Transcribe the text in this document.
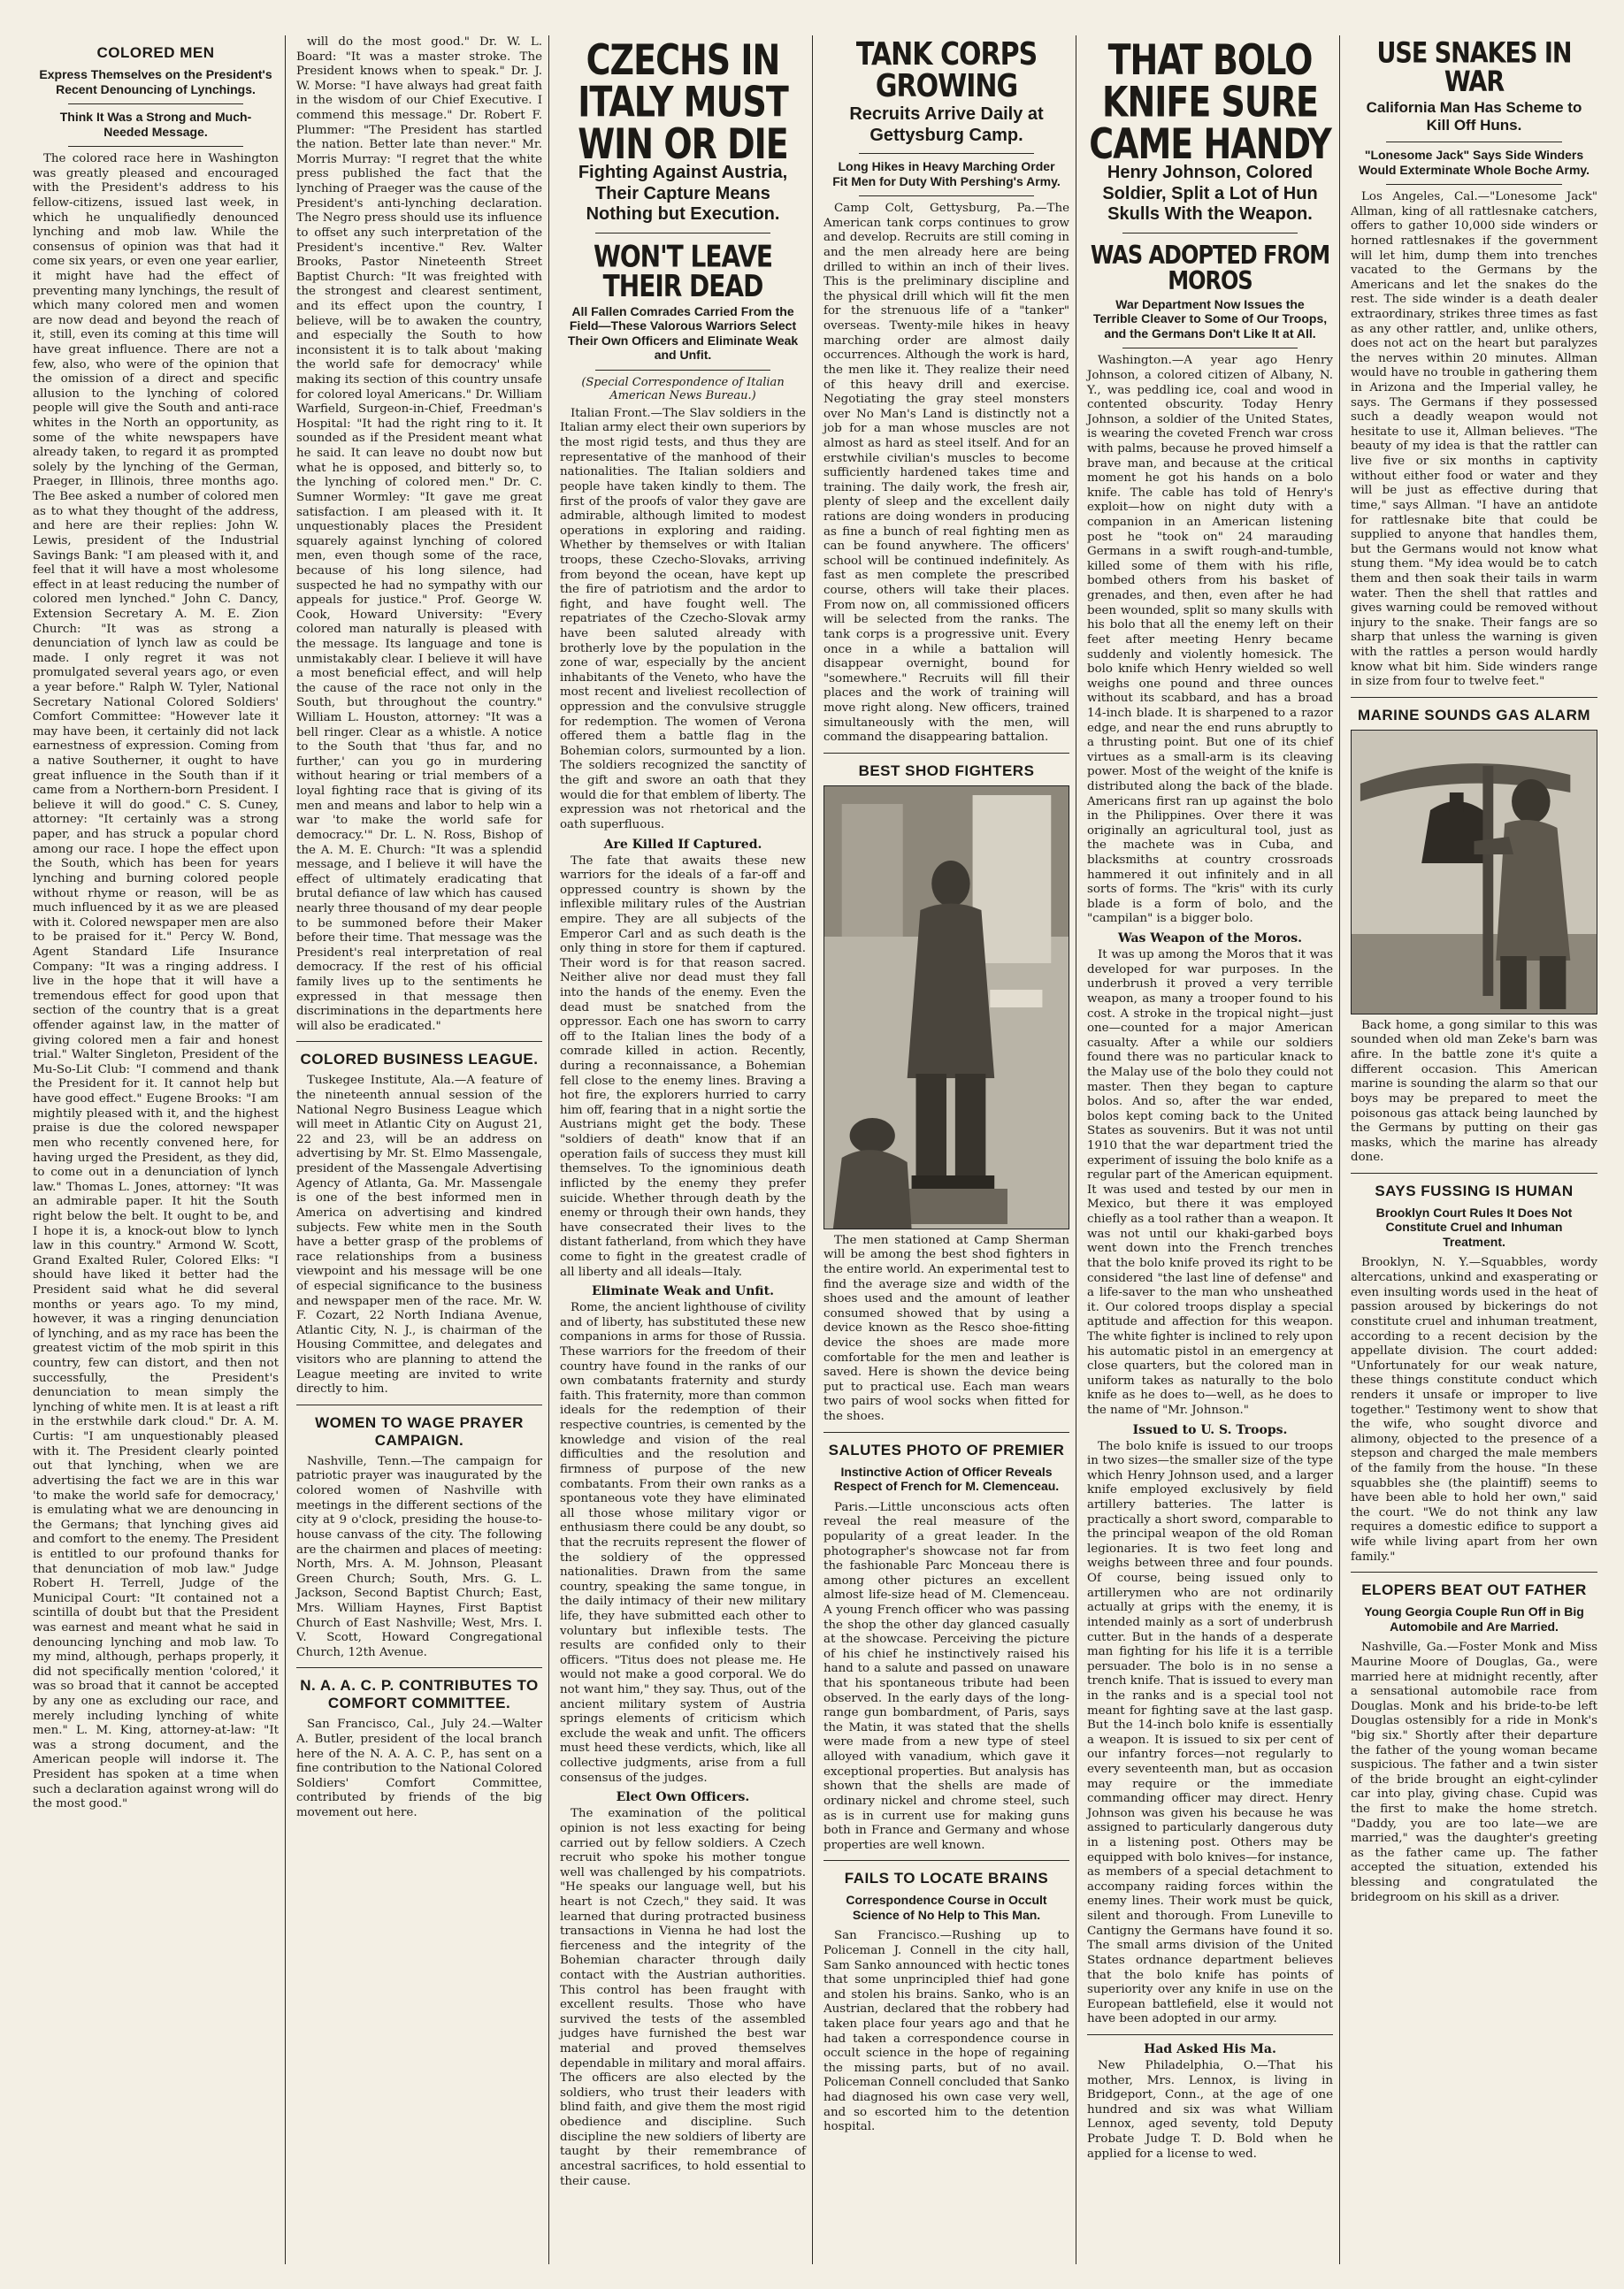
COLORED MEN
Express Themselves on the President's Recent Denouncing of Lynchings.
Think It Was a Strong and Much-Needed Message.

The colored race here in Washington was greatly pleased and encouraged with the President's address to his fellow-citizens, issued last week, in which he unqualifiedly denounced lynching and mob law. While the consensus of opinion was that had it come six years, or even one year earlier, it might have had the effect of preventing many lynchings, the result of which many colored men and women are now dead and beyond the reach of it, still, even its coming at this time will have great influence. There are not a few, also, who were of the opinion that the omission of a direct and specific allusion to the lynching of colored people will give the South and anti-race whites in the North an opportunity, as some of the white newspapers have already taken, to regard it as prompted solely by the lynching of the German, Praeger, in Illinois, three months ago. The Bee asked a number of colored men as to what they thought of the address, and here are their replies: John W. Lewis, president of the Industrial Savings Bank: "I am pleased with it, and feel that it will have a most wholesome effect in at least reducing the number of colored men lynched." John C. Dancy, Extension Secretary A. M. E. Zion Church: "It was as strong a denunciation of lynch law as could be made. I only regret it was not promulgated several years ago, or even a year before." Ralph W. Tyler, National Secretary National Colored Soldiers' Comfort Committee: "However late it may have been, it certainly did not lack earnestness of expression. Coming from a native Southerner, it ought to have great influence in the South than if it came from a Northern-born President. I believe it will do good." C. S. Cuney, attorney: "It certainly was a strong paper, and has struck a popular chord among our race. I hope the effect upon the South, which has been for years lynching and burning colored people without rhyme or reason, will be as much influenced by it as we are pleased with it. Colored newspaper men are also to be praised for it." Percy W. Bond, Agent Standard Life Insurance Company: "It was a ringing address. I live in the hope that it will have a tremendous effect for good upon that section of the country that is a great offender against law, in the matter of giving colored men a fair and honest trial." Walter Singleton, President of the Mu-So-Lit Club: "I commend and thank the President for it. It cannot help but have good effect." Eugene Brooks: "I am mightily pleased with it, and the highest praise is due the colored newspaper men who recently convened here, for having urged the President, as they did, to come out in a denunciation of lynch law." Thomas L. Jones, attorney: "It was an admirable paper. It hit the South right below the belt. It ought to be, and I hope it is, a knock-out blow to lynch law in this country." Armond W. Scott, Grand Exalted Ruler, Colored Elks: "I should have liked it better had the President said what he did several months or years ago. To my mind, however, it was a ringing denunciation of lynching, and as my race has been the greatest victim of the mob spirit in this country, few can distort, and then not successfully, the President's denunciation to mean simply the lynching of white men. It is at least a rift in the erstwhile dark cloud." Dr. A. M. Curtis: "I am unquestionably pleased with it. The President clearly pointed out that lynching, when we are advertising the fact we are in this war 'to make the world safe for democracy,' is emulating what we are denouncing in the Germans; that lynching gives aid and comfort to the enemy. The President is entitled to our profound thanks for that denunciation of mob law." Judge Robert H. Terrell, Judge of the Municipal Court: "It contained not a scintilla of doubt but that the President was earnest and meant what he said in denouncing lynching and mob law. To my mind, although, perhaps properly, it did not specifically mention 'colored,' it was so broad that it cannot be accepted by any one as excluding our race, and merely including lynching of white men." L. M. King, attorney-at-law: "It was a strong document, and the American people will indorse it. The President has spoken at a time when such a declaration against wrong will do the most good."

will do the most good." Dr. W. L. Board: "It was a master stroke. The President knows when to speak." Dr. J. W. Morse: "I have always had great faith in the wisdom of our Chief Executive. I commend this message." Dr. Robert F. Plummer: "The President has startled the nation. Better late than never." Mr. Morris Murray: "I regret that the white press published the fact that the lynching of Praeger was the cause of the President's anti-lynching declaration. The Negro press should use its influence to offset any such interpretation of the President's incentive." Rev. Walter Brooks, Pastor Nineteenth Street Baptist Church: "It was freighted with the strongest and clearest sentiment, and its effect upon the country, I believe, will be to awaken the country, and especially the South to how inconsistent it is to talk about 'making the world safe for democracy' while making its section of this country unsafe for colored loyal Americans." Dr. William Warfield, Surgeon-in-Chief, Freedman's Hospital: "It had the right ring to it. It sounded as if the President meant what he said. It can leave no doubt now but what he is opposed, and bitterly so, to the lynching of colored men." Dr. C. Sumner Wormley: "It gave me great satisfaction. I am pleased with it. It unquestionably places the President squarely against lynching of colored men, even though some of the race, because of his long silence, had suspected he had no sympathy with our appeals for justice." Prof. George W. Cook, Howard University: "Every colored man naturally is pleased with the message. Its language and tone is unmistakably clear. I believe it will have a most beneficial effect, and will help the cause of the race not only in the South, but throughout the country." William L. Houston, attorney: "It was a bell ringer. Clear as a whistle. A notice to the South that 'thus far, and no further,' can you go in murdering without hearing or trial members of a loyal fighting race that is giving of its men and means and labor to help win a war 'to make the world safe for democracy.'" Dr. L. N. Ross, Bishop of the A. M. E. Church: "It was a splendid message, and I believe it will have the effect of ultimately eradicating that brutal defiance of law which has caused nearly three thousand of my dear people to be summoned before their Maker before their time. That message was the President's real interpretation of real democracy. If the rest of his official family lives up to the sentiments he expressed in that message then discriminations in the departments here will also be eradicated."

COLORED BUSINESS LEAGUE.

Tuskegee Institute, Ala.—A feature of the nineteenth annual session of the National Negro Business League which will meet in Atlantic City on August 21, 22 and 23, will be an address on advertising by Mr. St. Elmo Massengale, president of the Massengale Advertising Agency of Atlanta, Ga. Mr. Massengale is one of the best informed men in America on advertising and kindred subjects. Few white men in the South have a better grasp of the problems of race relationships from a business viewpoint and his message will be one of especial significance to the business and newspaper men of the race. Mr. W. F. Cozart, 22 North Indiana Avenue, Atlantic City, N. J., is chairman of the Housing Committee, and delegates and visitors who are planning to attend the League meeting are invited to write directly to him.

WOMEN TO WAGE PRAYER CAMPAIGN.

Nashville, Tenn.—The campaign for patriotic prayer was inaugurated by the colored women of Nashville with meetings in the different sections of the city at 9 o'clock, presiding the house-to-house canvass of the city. The following are the chairmen and places of meeting: North, Mrs. A. M. Johnson, Pleasant Green Church; South, Mrs. G. L. Jackson, Second Baptist Church; East, Mrs. William Haynes, First Baptist Church of East Nashville; West, Mrs. I. V. Scott, Howard Congregational Church, 12th Avenue.

N. A. A. C. P. CONTRIBUTES TO COMFORT COMMITTEE.

San Francisco, Cal., July 24.—Walter A. Butler, president of the local branch here of the N. A. A. C. P., has sent on a fine contribution to the National Colored Soldiers' Comfort Committee, contributed by friends of the big movement out here.

CZECHS IN ITALY MUST WIN OR DIE
Fighting Against Austria, Their Capture Means Nothing but Execution.
WON'T LEAVE THEIR DEAD
All Fallen Comrades Carried From the Field—These Valorous Warriors Select Their Own Officers and Eliminate Weak and Unfit.
(Special Correspondence of Italian American News Bureau.)

Italian Front.—The Slav soldiers in the Italian army elect their own superiors by the most rigid tests, and thus they are representative of the manhood of their nationalities. The Italian soldiers and people have taken kindly to them. The first of the proofs of valor they gave are admirable, although limited to modest operations in exploring and raiding. Whether by themselves or with Italian troops, these Czecho-Slovaks, arriving from beyond the ocean, have kept up the fire of patriotism and the ardor to fight, and have fought well. The repatriates of the Czecho-Slovak army have been saluted already with brotherly love by the population in the zone of war, especially by the ancient inhabitants of the Veneto, who have the most recent and liveliest recollection of oppression and the convulsive struggle for redemption. The women of Verona offered them a battle flag in the Bohemian colors, surmounted by a lion. The soldiers recognized the sanctity of the gift and swore an oath that they would die for that emblem of liberty. The expression was not rhetorical and the oath superfluous.

Are Killed If Captured.

The fate that awaits these new warriors for the ideals of a far-off and oppressed country is shown by the inflexible military rules of the Austrian empire. They are all subjects of the Emperor Carl and as such death is the only thing in store for them if captured. Their word is for that reason sacred. Neither alive nor dead must they fall into the hands of the enemy. Even the dead must be snatched from the oppressor. Each one has sworn to carry off to the Italian lines the body of a comrade killed in action. Recently, during a reconnaissance, a Bohemian fell close to the enemy lines. Braving a hot fire, the explorers hurried to carry him off, fearing that in a night sortie the Austrians might get the body. These "soldiers of death" know that if an operation fails of success they must kill themselves. To the ignominious death inflicted by the enemy they prefer suicide. Whether through death by the enemy or through their own hands, they have consecrated their lives to the distant fatherland, from which they have come to fight in the greatest cradle of all liberty and all ideals—Italy.

Eliminate Weak and Unfit.

Rome, the ancient lighthouse of civility and of liberty, has substituted these new companions in arms for those of Russia. These warriors for the freedom of their country have found in the ranks of our own combatants fraternity and sturdy faith. This fraternity, more than common ideals for the redemption of their respective countries, is cemented by the knowledge and vision of the real difficulties and the resolution and firmness of purpose of the new combatants. From their own ranks as a spontaneous vote they have eliminated all those whose military vigor or enthusiasm there could be any doubt, so that the recruits represent the flower of the soldiery of the oppressed nationalities. Drawn from the same country, speaking the same tongue, in the daily intimacy of their new military life, they have submitted each other to voluntary but inflexible tests. The results are confided only to their officers. "Titus does not please me. He would not make a good corporal. We do not want him," they say. Thus, out of the ancient military system of Austria springs elements of criticism which exclude the weak and unfit. The officers must heed these verdicts, which, like all collective judgments, arise from a full consensus of the judges.

Elect Own Officers.

The examination of the political opinion is not less exacting for being carried out by fellow soldiers. A Czech recruit who spoke his mother tongue well was challenged by his compatriots. "He speaks our language well, but his heart is not Czech," they said. It was learned that during protracted business transactions in Vienna he had lost the fierceness and the integrity of the Bohemian character through daily contact with the Austrian authorities. This control has been fraught with excellent results. Those who have survived the tests of the assembled judges have furnished the best war material and proved themselves dependable in military and moral affairs. The officers are also elected by the soldiers, who trust their leaders with blind faith, and give them the most rigid obedience and discipline. Such discipline the new soldiers of liberty are taught by their remembrance of ancestral sacrifices, to hold essential to their cause.

TANK CORPS GROWING
Recruits Arrive Daily at Gettysburg Camp.
Long Hikes in Heavy Marching Order Fit Men for Duty With Pershing's Army.

Camp Colt, Gettysburg, Pa.—The American tank corps continues to grow and develop. Recruits are still coming in and the men already here are being drilled to within an inch of their lives. This is the preliminary discipline and the physical drill which will fit the men for the strenuous life of a "tanker" overseas. Twenty-mile hikes in heavy marching order are almost daily occurrences. Although the work is hard, the men like it. They realize their need of this heavy drill and exercise. Negotiating the gray steel monsters over No Man's Land is distinctly not a job for a man whose muscles are not almost as hard as steel itself. And for an erstwhile civilian's muscles to become sufficiently hardened takes time and training. The daily work, the fresh air, plenty of sleep and the excellent daily rations are doing wonders in producing as fine a bunch of real fighting men as can be found anywhere. The officers' school will be continued indefinitely. As fast as men complete the prescribed course, others will take their places. From now on, all commissioned officers will be selected from the ranks. The tank corps is a progressive unit. Every once in a while a battalion will disappear overnight, bound for "somewhere." Recruits will fill their places and the work of training will move right along. New officers, trained simultaneously with the men, will command the disappearing battalion.

BEST SHOD FIGHTERS

The men stationed at Camp Sherman will be among the best shod fighters in the entire world. An experimental test to find the average size and width of the shoes used and the amount of leather consumed showed that by using a device known as the Resco shoe-fitting device the shoes are made more comfortable for the men and leather is saved. Here is shown the device being put to practical use. Each man wears two pairs of wool socks when fitted for the shoes.

SALUTES PHOTO OF PREMIER
Instinctive Action of Officer Reveals Respect of French for M. Clemenceau.

Paris.—Little unconscious acts often reveal the real measure of the popularity of a great leader. In the photographer's showcase not far from the fashionable Parc Monceau there is among other pictures an excellent almost life-size head of M. Clemenceau. A young French officer who was passing the shop the other day glanced casually at the showcase. Perceiving the picture of his chief he instinctively raised his hand to a salute and passed on unaware that his spontaneous tribute had been observed. In the early days of the long-range gun bombardment, of Paris, says the Matin, it was stated that the shells were made from a new type of steel alloyed with vanadium, which gave it exceptional properties. But analysis has shown that the shells are made of ordinary nickel and chrome steel, such as is in current use for making guns both in France and Germany and whose properties are well known.

FAILS TO LOCATE BRAINS
Correspondence Course in Occult Science of No Help to This Man.

San Francisco.—Rushing up to Policeman J. Connell in the city hall, Sam Sanko announced with hectic tones that some unprincipled thief had gone and stolen his brains. Sanko, who is an Austrian, declared that the robbery had taken place four years ago and that he had taken a correspondence course in occult science in the hope of regaining the missing parts, but of no avail. Policeman Connell concluded that Sanko had diagnosed his own case very well, and so escorted him to the detention hospital.

THAT BOLO KNIFE SURE CAME HANDY
Henry Johnson, Colored Soldier, Split a Lot of Hun Skulls With the Weapon.
WAS ADOPTED FROM MOROS
War Department Now Issues the Terrible Cleaver to Some of Our Troops, and the Germans Don't Like It at All.

Washington.—A year ago Henry Johnson, a colored citizen of Albany, N. Y., was peddling ice, coal and wood in contented obscurity. Today Henry Johnson, a soldier of the United States, is wearing the coveted French war cross with palms, because he proved himself a brave man, and because at the critical moment he got his hands on a bolo knife. The cable has told of Henry's exploit—how on night duty with a companion in an American listening post he "took on" 24 marauding Germans in a swift rough-and-tumble, killed some of them with his rifle, bombed others from his basket of grenades, and then, even after he had been wounded, split so many skulls with his bolo that all the enemy left on their feet after meeting Henry became suddenly and violently homesick. The bolo knife which Henry wielded so well weighs one pound and three ounces without its scabbard, and has a broad 14-inch blade. It is sharpened to a razor edge, and near the end runs abruptly to a thrusting point. But one of its chief virtues as a small-arm is its cleaving power. Most of the weight of the knife is distributed along the back of the blade. Americans first ran up against the bolo in the Philippines. Over there it was originally an agricultural tool, just as the machete was in Cuba, and blacksmiths at country crossroads hammered it out infinitely and in all sorts of forms. The "kris" with its curly blade is a form of bolo, and the "campilan" is a bigger bolo.

Was Weapon of the Moros.

It was up among the Moros that it was developed for war purposes. In the underbrush it proved a very terrible weapon, as many a trooper found to his cost. A stroke in the tropical night—just one—counted for a major American casualty. After a while our soldiers found there was no particular knack to the Malay use of the bolo they could not master. Then they began to capture bolos. And so, after the war ended, bolos kept coming back to the United States as souvenirs. But it was not until 1910 that the war department tried the experiment of issuing the bolo knife as a regular part of the American equipment. It was used and tested by our men in Mexico, but there it was employed chiefly as a tool rather than a weapon. It was not until our khaki-garbed boys went down into the French trenches that the bolo knife proved its right to be considered "the last line of defense" and a life-saver to the man who unsheathed it. Our colored troops display a special aptitude and affection for this weapon. The white fighter is inclined to rely upon his automatic pistol in an emergency at close quarters, but the colored man in uniform takes as naturally to the bolo knife as he does to—well, as he does to the name of "Mr. Johnson."

Issued to U. S. Troops.

The bolo knife is issued to our troops in two sizes—the smaller size of the type which Henry Johnson used, and a larger knife employed exclusively by field artillery batteries. The latter is practically a short sword, comparable to the principal weapon of the old Roman legionaries. It is two feet long and weighs between three and four pounds. Of course, being issued only to artillerymen who are not ordinarily actually at grips with the enemy, it is intended mainly as a sort of underbrush cutter. But in the hands of a desperate man fighting for his life it is a terrible persuader. The bolo is in no sense a trench knife. That is issued to every man in the ranks and is a special tool not meant for fighting save at the last gasp. But the 14-inch bolo knife is essentially a weapon. It is issued to six per cent of our infantry forces—not regularly to every seventeenth man, but as occasion may require or the immediate commanding officer may direct. Henry Johnson was given his because he was assigned to particularly dangerous duty in a listening post. Others may be equipped with bolo knives—for instance, as members of a special detachment to accompany raiding forces within the enemy lines. Their work must be quick, silent and thorough. From Luneville to Cantigny the Germans have found it so. The small arms division of the United States ordnance department believes that the bolo knife has points of superiority over any knife in use on the European battlefield, else it would not have been adopted in our army.

Had Asked His Ma.

New Philadelphia, O.—That his mother, Mrs. Lennox, is living in Bridgeport, Conn., at the age of one hundred and six was what William Lennox, aged seventy, told Deputy Probate Judge T. D. Bold when he applied for a license to wed.

USE SNAKES IN WAR
California Man Has Scheme to Kill Off Huns.
"Lonesome Jack" Says Side Winders Would Exterminate Whole Boche Army.

Los Angeles, Cal.—"Lonesome Jack" Allman, king of all rattlesnake catchers, offers to gather 10,000 side winders or horned rattlesnakes if the government will let him, dump them into trenches vacated to the Germans by the Americans and let the snakes do the rest. The side winder is a death dealer extraordinary, strikes three times as fast as any other rattler, and, unlike others, does not act on the heart but paralyzes the nerves within 20 minutes. Allman would have no trouble in gathering them in Arizona and the Imperial valley, he says. The Germans if they possessed such a deadly weapon would not hesitate to use it, Allman believes. "The beauty of my idea is that the rattler can live five or six months in captivity without either food or water and they will be just as effective during that time," says Allman. "I have an antidote for rattlesnake bite that could be supplied to anyone that handles them, but the Germans would not know what stung them. "My idea would be to catch them and then soak their tails in warm water. Then the shell that rattles and gives warning could be removed without injury to the snake. Their fangs are so sharp that unless the warning is given with the rattles a person would hardly know what bit him. Side winders range in size from four to twelve feet."

MARINE SOUNDS GAS ALARM

Back home, a gong similar to this was sounded when old man Zeke's barn was afire. In the battle zone it's quite a different occasion. This American marine is sounding the alarm so that our boys may be prepared to meet the poisonous gas attack being launched by the Germans by putting on their gas masks, which the marine has already done.

SAYS FUSSING IS HUMAN
Brooklyn Court Rules It Does Not Constitute Cruel and Inhuman Treatment.

Brooklyn, N. Y.—Squabbles, wordy altercations, unkind and exasperating or even insulting words used in the heat of passion aroused by bickerings do not constitute cruel and inhuman treatment, according to a recent decision by the appellate division. The court added: "Unfortunately for our weak nature, these things constitute conduct which renders it unsafe or improper to live together." Testimony went to show that the wife, who sought divorce and alimony, objected to the presence of a stepson and charged the male members of the family from the house. "In these squabbles she (the plaintiff) seems to have been able to hold her own," said the court. "We do not think any law requires a domestic edifice to support a wife while living apart from her own family."

ELOPERS BEAT OUT FATHER
Young Georgia Couple Run Off in Big Automobile and Are Married.

Nashville, Ga.—Foster Monk and Miss Maurine Moore of Douglas, Ga., were married here at midnight recently, after a sensational automobile race from Douglas. Monk and his bride-to-be left Douglas ostensibly for a ride in Monk's "big six." Shortly after their departure the father of the young woman became suspicious. The father and a twin sister of the bride brought an eight-cylinder car into play, giving chase. Cupid was the first to make the home stretch. "Daddy, you are too late—we are married," was the daughter's greeting as the father came up. The father accepted the situation, extended his blessing and congratulated the bridegroom on his skill as a driver.
